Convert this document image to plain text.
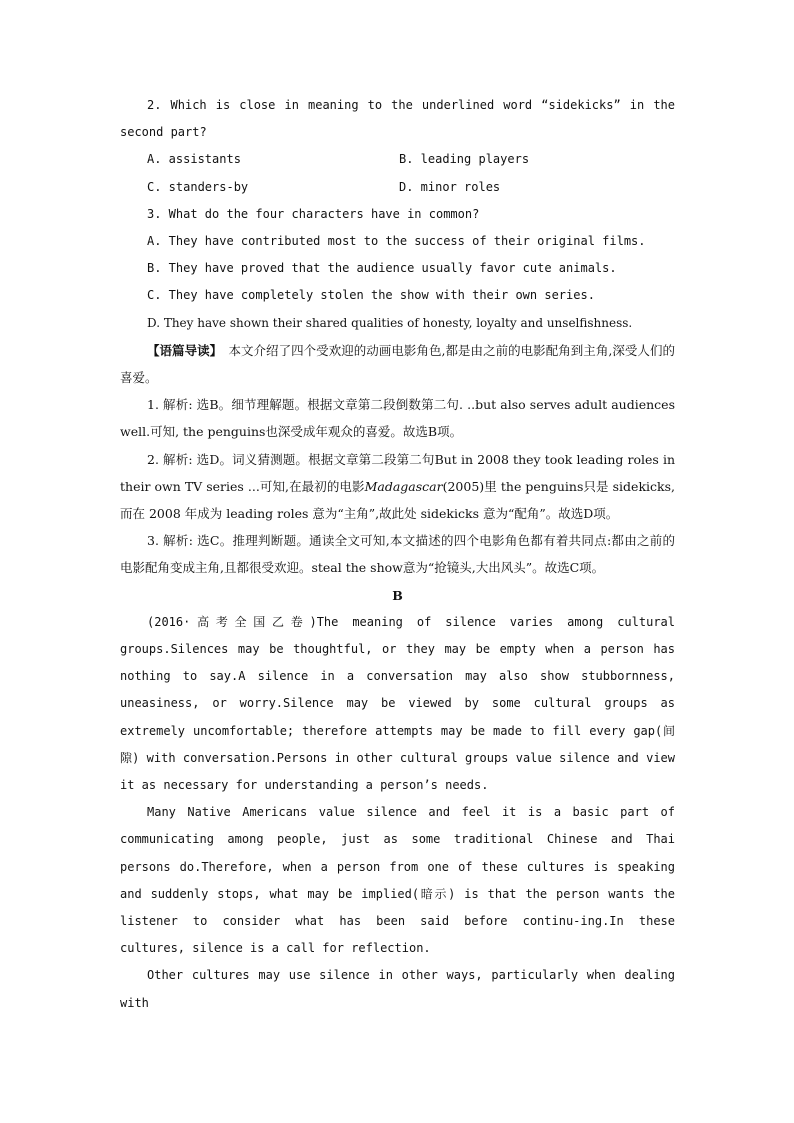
2. Which is close in meaning to the underlined word “sidekicks” in the second part?

A. assistants	B. leading players
C. standers-by	D. minor roles

3. What do the four characters have in common?

A. They have contributed most to the success of their original films.

B. They have proved that the audience usually favor cute animals.

C. They have completely stolen the show with their own series.

D. They have shown their shared qualities of honesty, loyalty and unselfishness.

【语篇导读】　本文介绍了四个受欢迎的动画电影角色,都是由之前的电影配角到主角,深受人们的喜爱。

1. 解析: 选B。细节理解题。根据文章第二段倒数第二句. ..but also serves adult audiences well.可知, the penguins也深受成年观众的喜爱。故选B项。

2. 解析: 选D。词义猜测题。根据文章第二段第二句But in 2008 they took leading roles in their own TV series ...可知,在最初的电影Madagascar(2005)里 the penguins只是 sidekicks,而在 2008 年成为 leading roles 意为“主角”,故此处 sidekicks 意为“配角”。故选D项。

3. 解析: 选C。推理判断题。通读全文可知,本文描述的四个电影角色都有着共同点:都由之前的电影配角变成主角,且都很受欢迎。steal the show意为“抢镜头,大出风头”。故选C项。

B

(2016·高考全国乙卷)The meaning of silence varies among cultural groups.Silences may be thoughtful, or they may be empty when a person has nothing to say.A silence in a conversation may also show stubbornness, uneasiness, or worry.Silence may be viewed by some cultural groups as extremely uncomfortable; therefore attempts may be made to fill every gap(间隙) with conversation.Persons in other cultural groups value silence and view it as necessary for understanding a person’s needs.

Many Native Americans value silence and feel it is a basic part of communicating among people, just as some traditional Chinese and Thai persons do.Therefore, when a person from one of these cultures is speaking and suddenly stops, what may be implied(暗示) is that the person wants the listener to consider what has been said before continu-ing.In these cultures, silence is a call for reflection.

Other cultures may use silence in other ways, particularly when dealing with
